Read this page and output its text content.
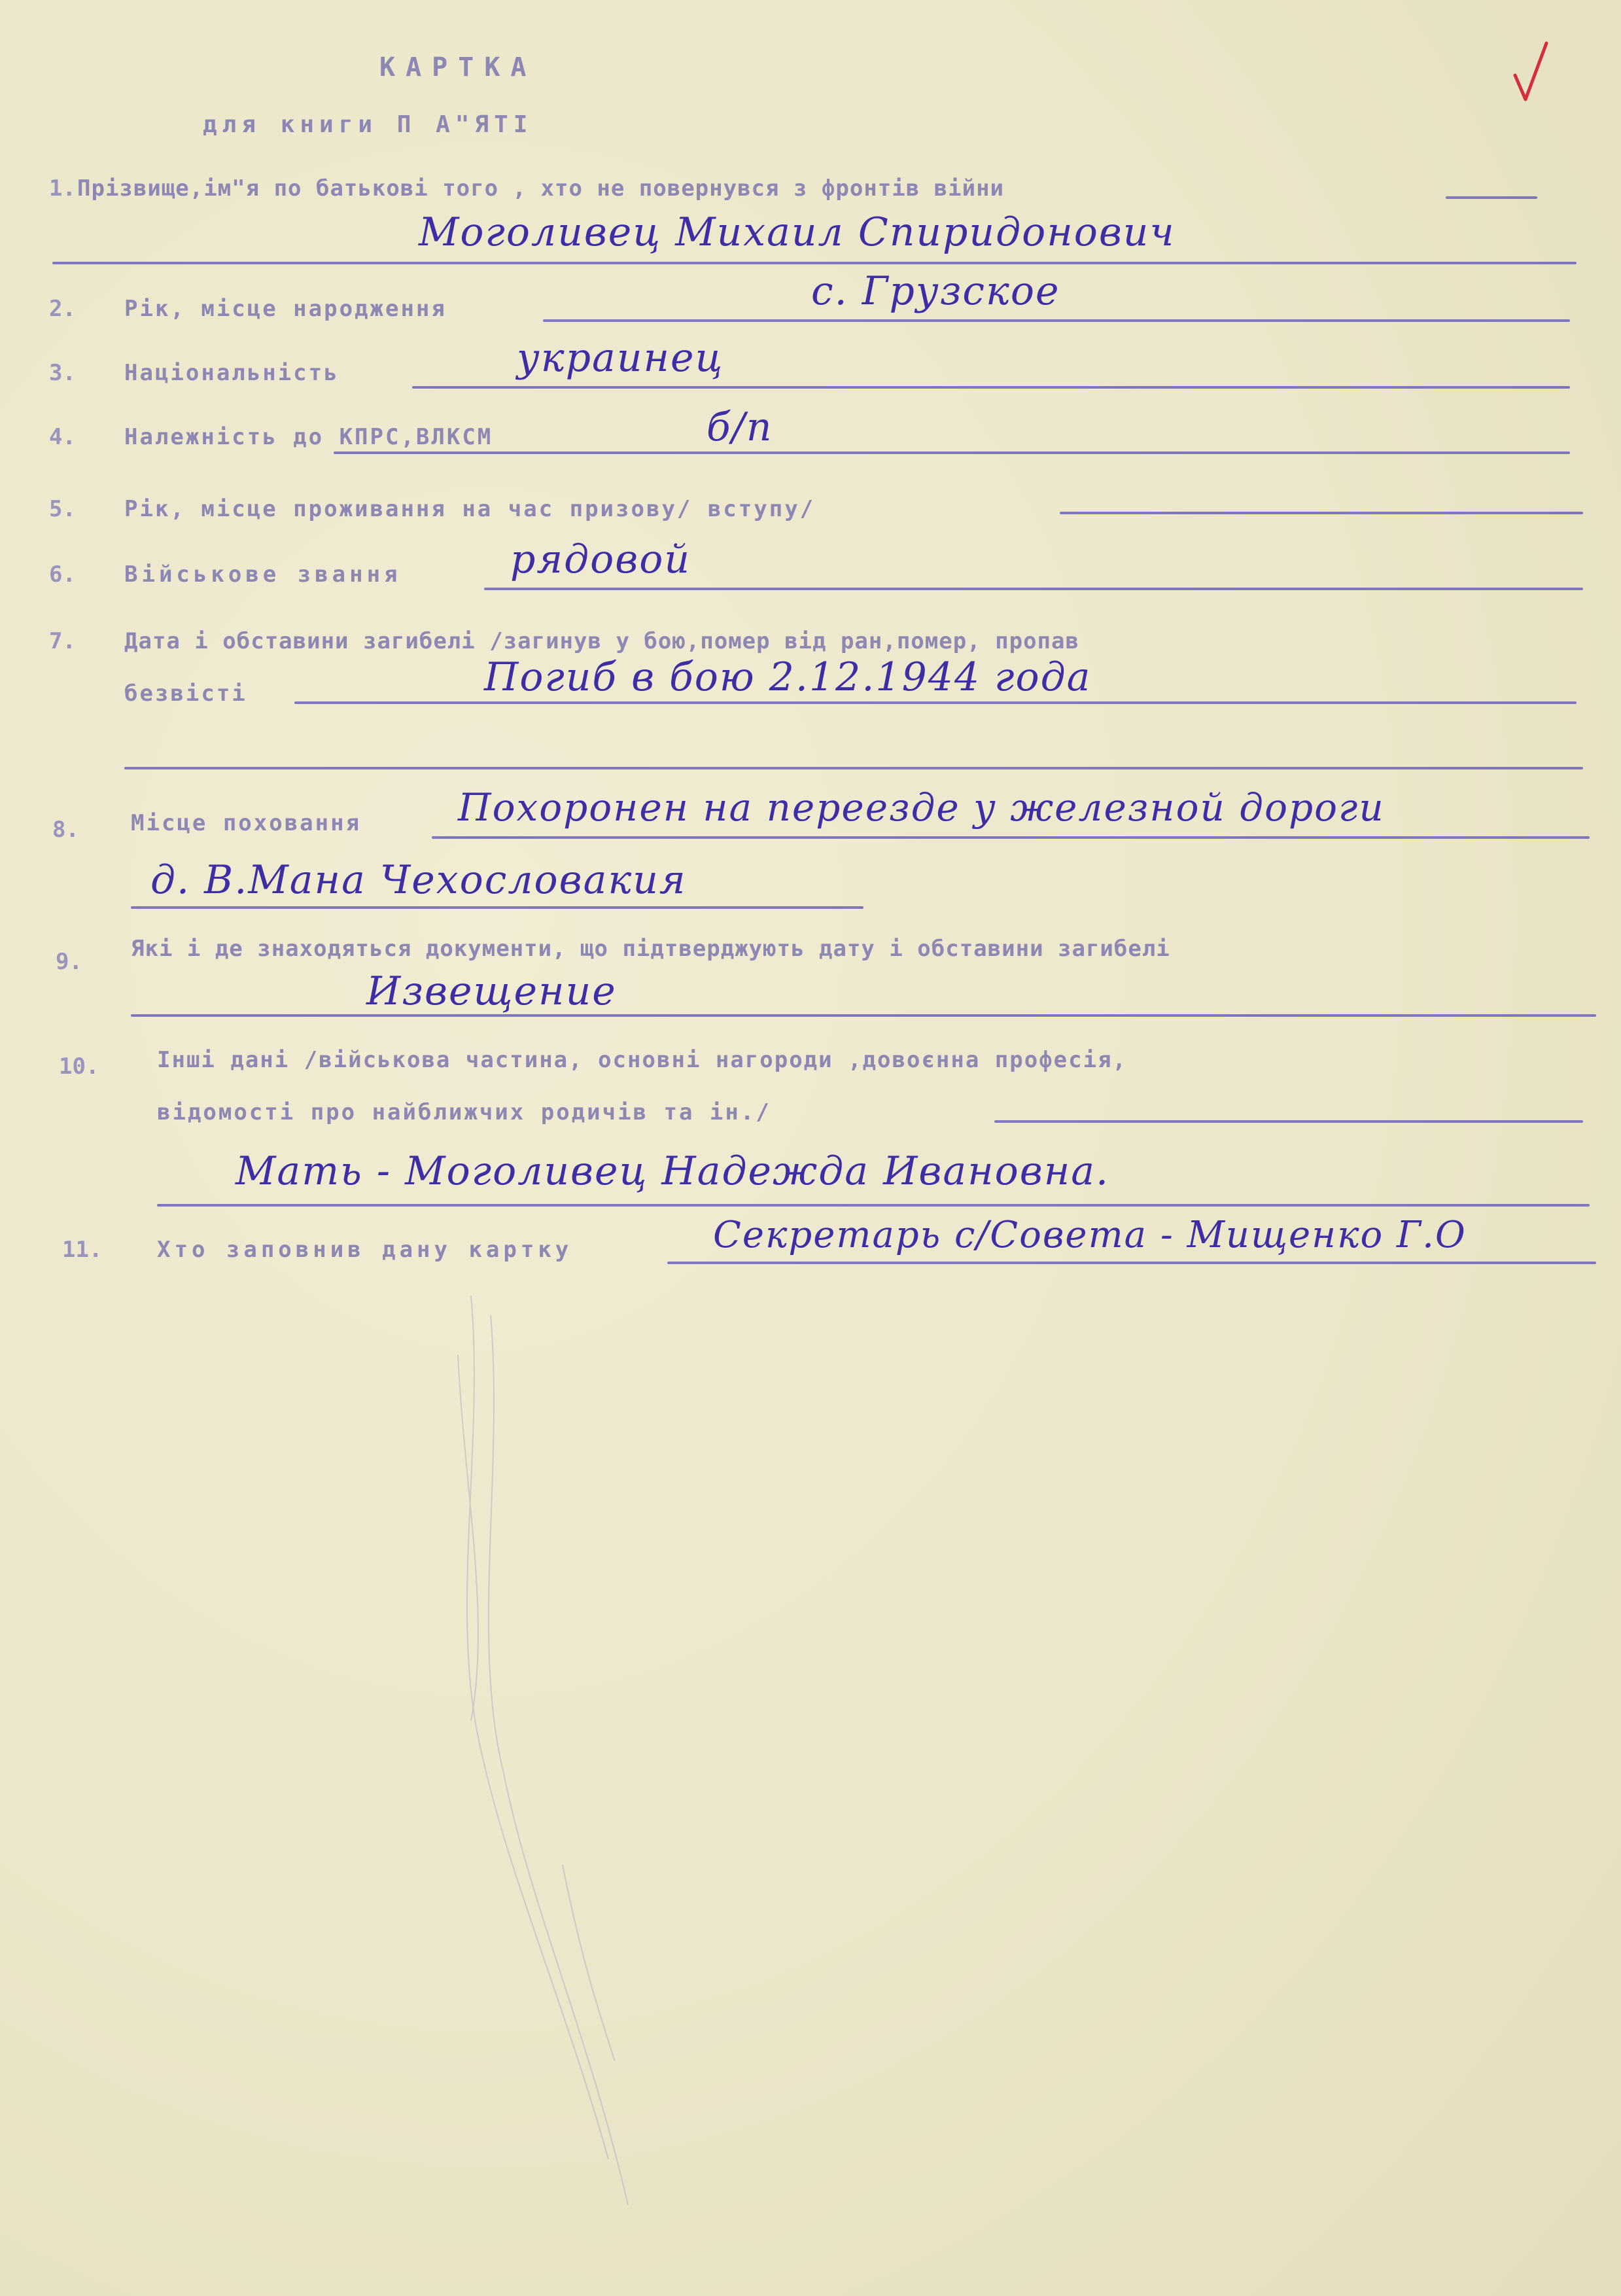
КАРТКА
для книги П А"ЯТІ
1. Прізвище,ім"я по батькові того , хто не повернувся з фронтів війни
Моголивец Михаил Спиридонович
2. Рік, місце народження	с. Грузское
3. Національність	украинец
4. Належність до КПРС,ВЛКСМ	б/п
5. Рік, місце проживання на час призову/ вступу/
6. Військове звання	рядовой
7. Дата і обставини загибелі /загинув у бою,помер від ран,помер, пропав
безвісті	Погиб в бою 2.12.1944 года
8. Місце поховання	Похоронен на переезде у железной дороги
д. В.Мана Чехословакия
9. Які і де знаходяться документи, що підтверджують дату і обставини загибелі
Извещение
10.	Інші дані /військова частина, основні нагороди ,довоєнна професія,
відомості про найближчих родичів та ін./
Мать - Моголивец Надежда Ивановна.
11. Хто заповнив дану картку	Секретарь с/Совета - Мищенко Г.О
